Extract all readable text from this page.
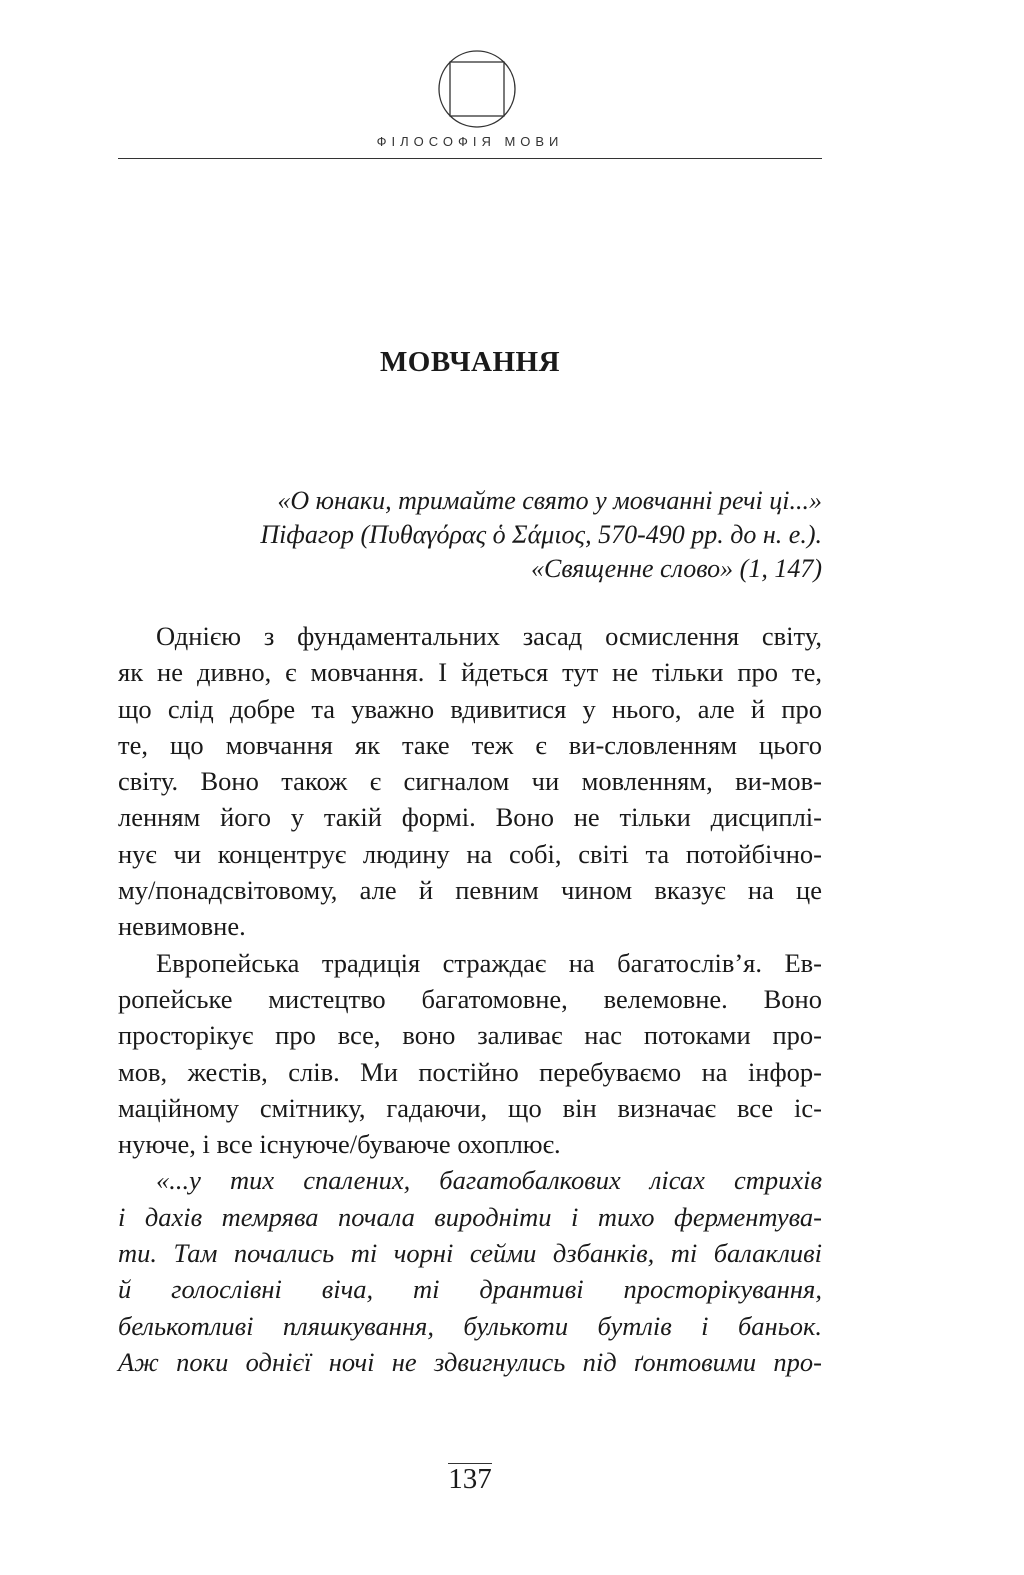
ФІЛОСОФІЯ МОВИ
МОВЧАННЯ
«О юнаки, тримайте свято у мовчанні речі ці...»
Піфагор (Πυθαγόρας ὁ Σάμιος, 570-490 рр. до н. е.).
«Священне слово» (1, 147)
Однією з фундаментальних засад осмислення світу,
як не дивно, є мовчання. І йдеться тут не тільки про те,
що слід добре та уважно вдивитися у нього, але й про
те, що мовчання як таке теж є ви-словленням цього
світу. Воно також є сигналом чи мовленням, ви-мов-
ленням його у такій формі. Воно не тільки дисциплі-
нує чи концентрує людину на собі, світі та потойбічно-
му/понадсвітовому, але й певним чином вказує на це
невимовне.
Европейська традиція страждає на багатослів’я. Ев-
ропейське мистецтво багатомовне, велемовне. Воно
просторікує про все, воно заливає нас потоками про-
мов, жестів, слів. Ми постійно перебуваємо на інфор-
маційному смітнику, гадаючи, що він визначає все іс-
нуюче, і все існуюче/буваюче охоплює.
«...у тих спалених, багатобалкових лісах стрихів
і дахів темрява почала виродніти і тихо ферментува-
ти. Там почались ті чорні сейми дзбанків, ті балакливі
й голослівні віча, ті дрантиві просторікування,
белькотливі пляшкування, булькоти бутлів і баньок.
Аж поки однієї ночі не здвигнулись під ґонтовими про-
137
